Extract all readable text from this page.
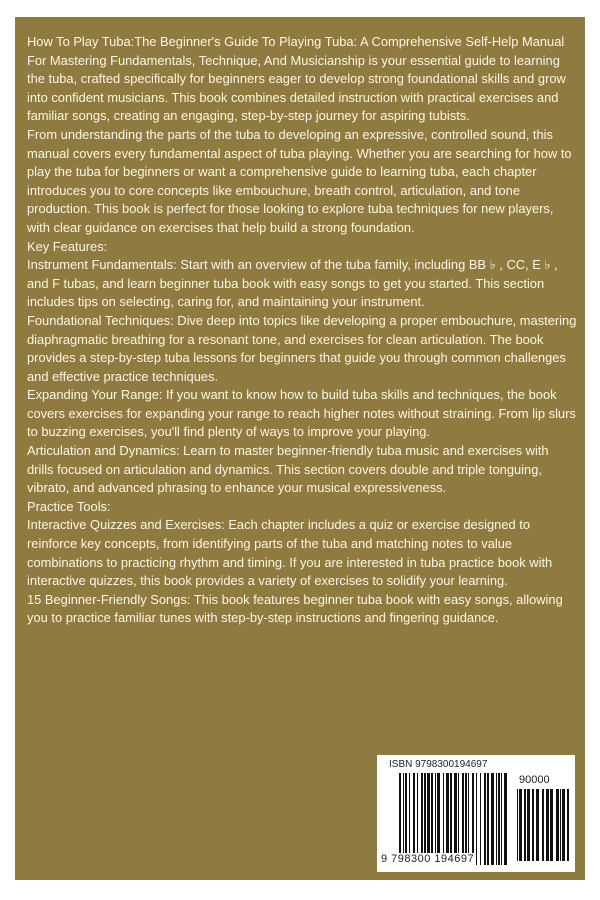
How To Play Tuba:The Beginner's Guide To Playing Tuba: A Comprehensive Self-Help Manual For Mastering Fundamentals, Technique, And Musicianship is your essential guide to learning the tuba, crafted specifically for beginners eager to develop strong foundational skills and grow into confident musicians. This book combines detailed instruction with practical exercises and familiar songs, creating an engaging, step-by-step journey for aspiring tubists.

From understanding the parts of the tuba to developing an expressive, controlled sound, this manual covers every fundamental aspect of tuba playing. Whether you are searching for how to play the tuba for beginners or want a comprehensive guide to learning tuba, each chapter introduces you to core concepts like embouchure, breath control, articulation, and tone production. This book is perfect for those looking to explore tuba techniques for new players, with clear guidance on exercises that help build a strong foundation.

Key Features:

Instrument Fundamentals: Start with an overview of the tuba family, including BB ♭ , CC, E ♭ , and F tubas, and learn beginner tuba book with easy songs to get you started. This section includes tips on selecting, caring for, and maintaining your instrument.

Foundational Techniques: Dive deep into topics like developing a proper embouchure, mastering diaphragmatic breathing for a resonant tone, and exercises for clean articulation. The book provides a step-by-step tuba lessons for beginners that guide you through common challenges and effective practice techniques.

Expanding Your Range: If you want to know how to build tuba skills and techniques, the book covers exercises for expanding your range to reach higher notes without straining. From lip slurs to buzzing exercises, you'll find plenty of ways to improve your playing.

Articulation and Dynamics: Learn to master beginner-friendly tuba music and exercises with drills focused on articulation and dynamics. This section covers double and triple tonguing, vibrato, and advanced phrasing to enhance your musical expressiveness.

Practice Tools:

Interactive Quizzes and Exercises: Each chapter includes a quiz or exercise designed to reinforce key concepts, from identifying parts of the tuba and matching notes to value combinations to practicing rhythm and timing. If you are interested in tuba practice book with interactive quizzes, this book provides a variety of exercises to solidify your learning.

15 Beginner-Friendly Songs: This book features beginner tuba book with easy songs, allowing you to practice familiar tunes with step-by-step instructions and fingering guidance.

ISBN 9798300194697
90000
9 798300 194697
